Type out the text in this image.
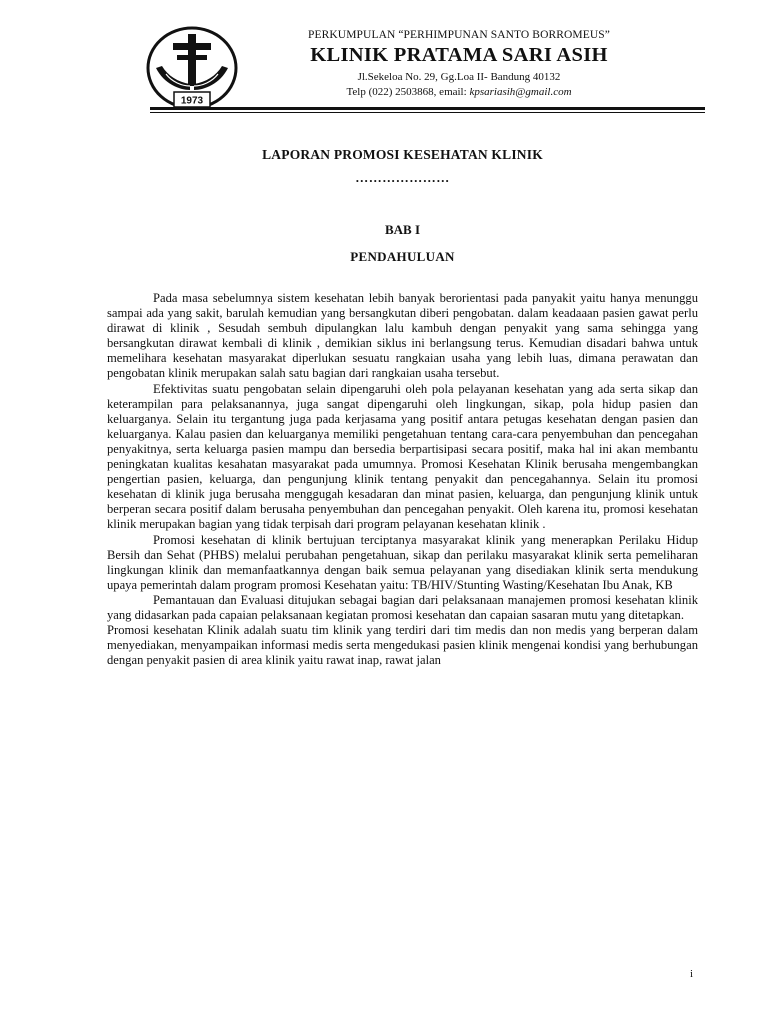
1973
PERKUMPULAN “PERHIMPUNAN SANTO BORROMEUS”
KLINIK PRATAMA SARI ASIH
Jl.Sekeloa No. 29, Gg.Loa II- Bandung 40132
Telp (022) 2503868, email: kpsariasih@gmail.com
LAPORAN PROMOSI KESEHATAN KLINIK
…………………
BAB I
PENDAHULUAN

Pada masa sebelumnya sistem kesehatan lebih banyak berorientasi pada panyakit yaitu hanya menunggu sampai ada yang sakit, barulah kemudian yang bersangkutan diberi pengobatan. dalam keadaaan pasien gawat perlu dirawat di klinik , Sesudah sembuh dipulangkan lalu kambuh dengan penyakit yang sama sehingga yang bersangkutan dirawat kembali di klinik , demikian siklus ini berlangsung terus. Kemudian disadari bahwa untuk memelihara kesehatan masyarakat diperlukan sesuatu rangkaian usaha yang lebih luas, dimana perawatan dan pengobatan klinik merupakan salah satu bagian dari rangkaian usaha tersebut.

Efektivitas suatu pengobatan selain dipengaruhi oleh pola pelayanan kesehatan yang ada serta sikap dan keterampilan para pelaksanannya, juga sangat dipengaruhi oleh lingkungan, sikap, pola hidup pasien dan keluarganya. Selain itu tergantung juga pada kerjasama yang positif antara petugas kesehatan dengan pasien dan keluarganya. Kalau pasien dan keluarganya memiliki pengetahuan tentang cara-cara penyembuhan dan pencegahan penyakitnya, serta keluarga pasien mampu dan bersedia berpartisipasi secara positif, maka hal ini akan membantu peningkatan kualitas kesahatan masyarakat pada umumnya. Promosi Kesehatan Klinik berusaha mengembangkan pengertian pasien, keluarga, dan pengunjung klinik tentang penyakit dan pencegahannya. Selain itu promosi kesehatan di klinik juga berusaha menggugah kesadaran dan minat pasien, keluarga, dan pengunjung klinik untuk berperan secara positif dalam berusaha penyembuhan dan pencegahan penyakit. Oleh karena itu, promosi kesehatan klinik merupakan bagian yang tidak terpisah dari program pelayanan kesehatan klinik .

Promosi kesehatan di klinik bertujuan terciptanya masyarakat klinik yang menerapkan Perilaku Hidup Bersih dan Sehat (PHBS) melalui perubahan pengetahuan, sikap dan perilaku masyarakat klinik serta pemeliharan lingkungan klinik dan memanfaatkannya dengan baik semua pelayanan yang disediakan klinik serta mendukung upaya pemerintah dalam program promosi Kesehatan yaitu: TB/HIV/Stunting Wasting/Kesehatan Ibu Anak, KB

Pemantauan dan Evaluasi ditujukan sebagai bagian dari pelaksanaan manajemen promosi kesehatan klinik yang didasarkan pada capaian pelaksanaan kegiatan promosi kesehatan dan capaian sasaran mutu yang ditetapkan.

Promosi kesehatan Klinik adalah suatu tim klinik yang terdiri dari tim medis dan non medis yang berperan dalam menyediakan, menyampaikan informasi medis serta mengedukasi pasien klinik mengenai kondisi yang berhubungan dengan penyakit pasien di area klinik yaitu rawat inap, rawat jalan

i
